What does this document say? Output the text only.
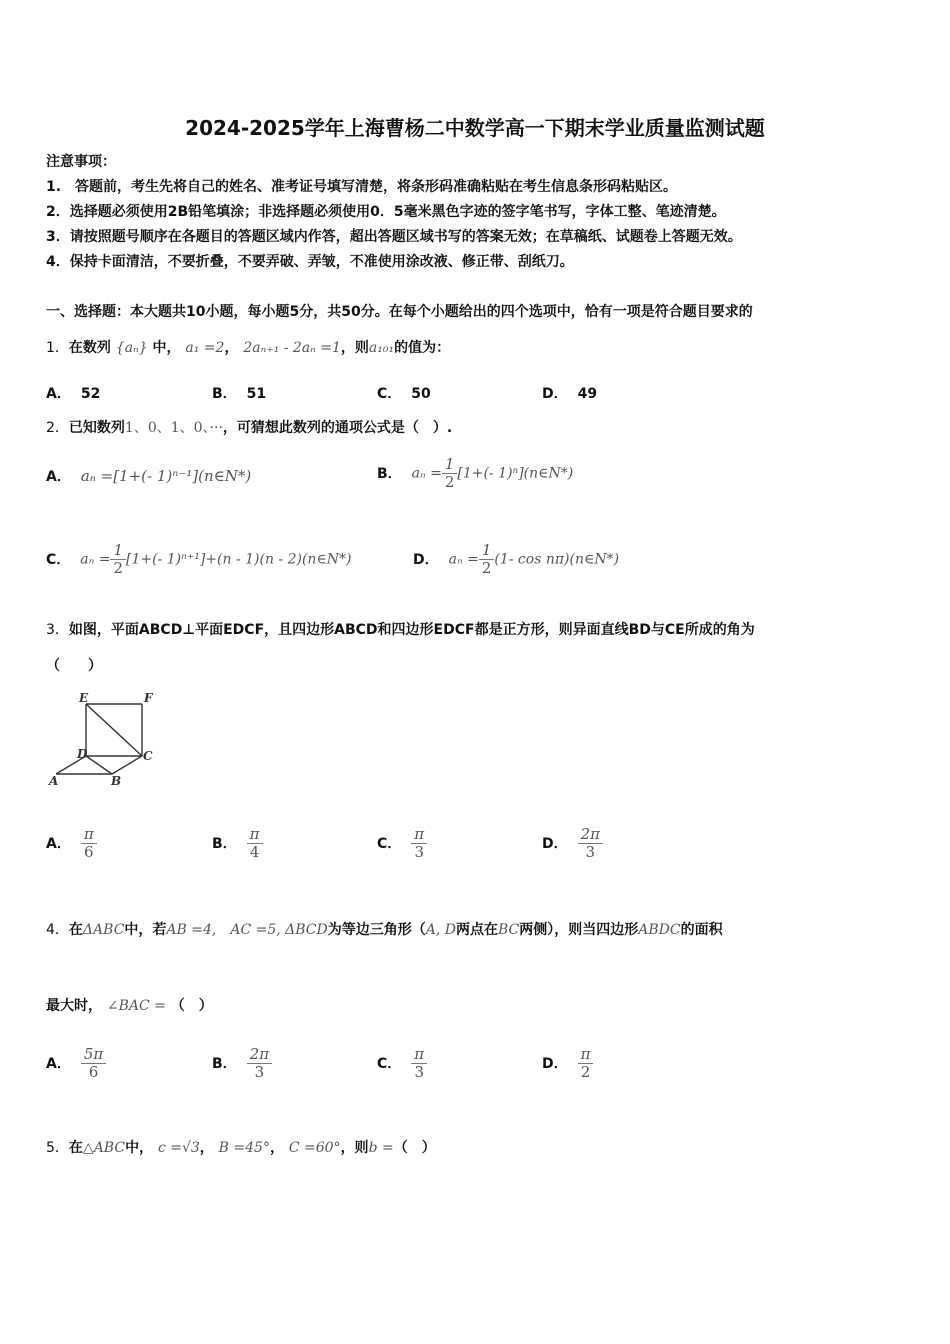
2024-2025学年上海曹杨二中数学高一下期末学业质量监测试题
注意事项：
1.　答题前，考生先将自己的姓名、准考证号填写清楚，将条形码准确粘贴在考生信息条形码粘贴区。
2．选择题必须使用2B铅笔填涂；非选择题必须使用0．5毫米黑色字迹的签字笔书写，字体工整、笔迹清楚。
3．请按照题号顺序在各题目的答题区域内作答，超出答题区域书写的答案无效；在草稿纸、试题卷上答题无效。
4．保持卡面清洁，不要折叠，不要弄破、弄皱，不准使用涂改液、修正带、刮纸刀。
一、选择题：本大题共10小题，每小题5分，共50分。在每个小题给出的四个选项中，恰有一项是符合题目要求的
1．在数列 {aₙ} 中， a₁ =2， 2aₙ₊₁ - 2aₙ =1，则a₁₀₁的值为：
A． 52	B． 51	C． 50	D． 49
2．已知数列1、0、1、0、···，可猜想此数列的通项公式是（　）.
A． aₙ =[1+(- 1)ⁿ⁻¹](n∈N*)	B． $a_n = \frac{1}{2} [1+(-$ 1)ⁿ](n∈N*)
C． $a_n = \frac{1}{2} [1+(-$ 1)ⁿ⁺¹]+(n - 1)(n - 2)(n∈N*)	D． $a_n = \frac{1}{2} (1-$ cos nπ)(n∈N*)
3．如图，平面ABCD⊥平面EDCF，且四边形ABCD和四边形EDCF都是正方形，则异面直线BD与CE所成的角为
（　　）
E	F
D	C
A	B
A． $\frac{\pi}{6}$	B． $\frac{\pi}{4}$	C． $\frac{\pi}{3}$	D． $\frac{2\pi}{3}$
4．在ΔABC中，若AB =4,　AC =5, ΔBCD为等边三角形（A, D两点在BC两侧），则当四边形ABDC的面积
最大时， ∠BAC = （　）
A． $\frac{5\pi}{6}$	B． $\frac{2\pi}{3}$	C． $\frac{\pi}{3}$	D． $\frac{\pi}{2}$
5．在△ABC中， c =√3， B =45°， C =60°，则b =（　）
